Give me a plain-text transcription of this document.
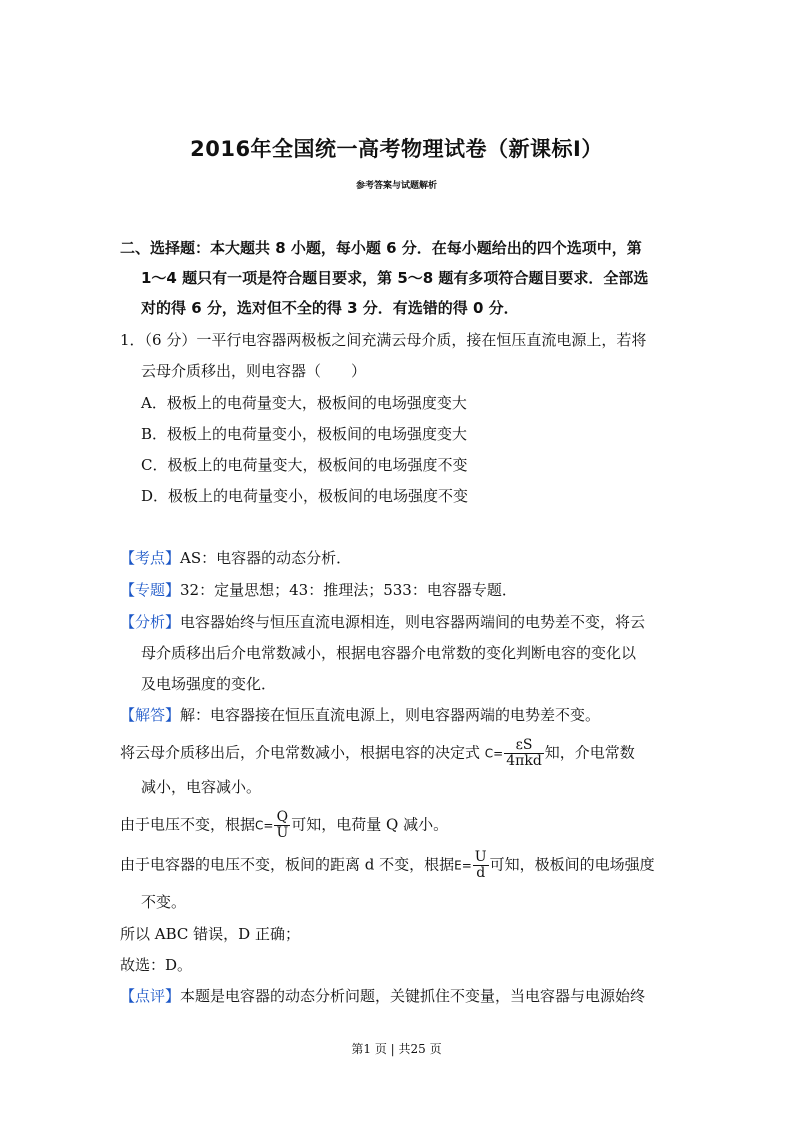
2016年全国统一高考物理试卷（新课标Ⅰ）
参考答案与试题解析
二、选择题：本大题共 8 小题，每小题 6 分．在每小题给出的四个选项中，第
1～4 题只有一项是符合题目要求，第 5～8 题有多项符合题目要求．全部选
对的得 6 分，选对但不全的得 3 分．有选错的得 0 分．
1．（6 分）一平行电容器两极板之间充满云母介质，接在恒压直流电源上，若将
云母介质移出，则电容器（　　）
A．极板上的电荷量变大，极板间的电场强度变大
B．极板上的电荷量变小，极板间的电场强度变大
C．极板上的电荷量变大，极板间的电场强度不变
D．极板上的电荷量变小，极板间的电场强度不变
【考点】AS：电容器的动态分析．
【专题】32：定量思想；43：推理法；533：电容器专题．
【分析】电容器始终与恒压直流电源相连，则电容器两端间的电势差不变，将云
母介质移出后介电常数减小，根据电容器介电常数的变化判断电容的变化以
及电场强度的变化．
【解答】解：电容器接在恒压直流电源上，则电容器两端的电势差不变。
将云母介质移出后，介电常数减小，根据电容的决定式 $C= \frac{\varepsilon S}{\text{4πkd}}$ 知，介电常数
减小，电容减小。
由于电压不变，根据$C= \frac{Q}{U}$ 可知，电荷量 Q 减小。
由于电容器的电压不变，板间的距离 d 不变，根据$E= \frac{U}{d}$ 可知，极板间的电场强度
不变。
所以 ABC 错误，D 正确；
故选：D。
【点评】本题是电容器的动态分析问题，关键抓住不变量，当电容器与电源始终
第1 页 | 共25 页
